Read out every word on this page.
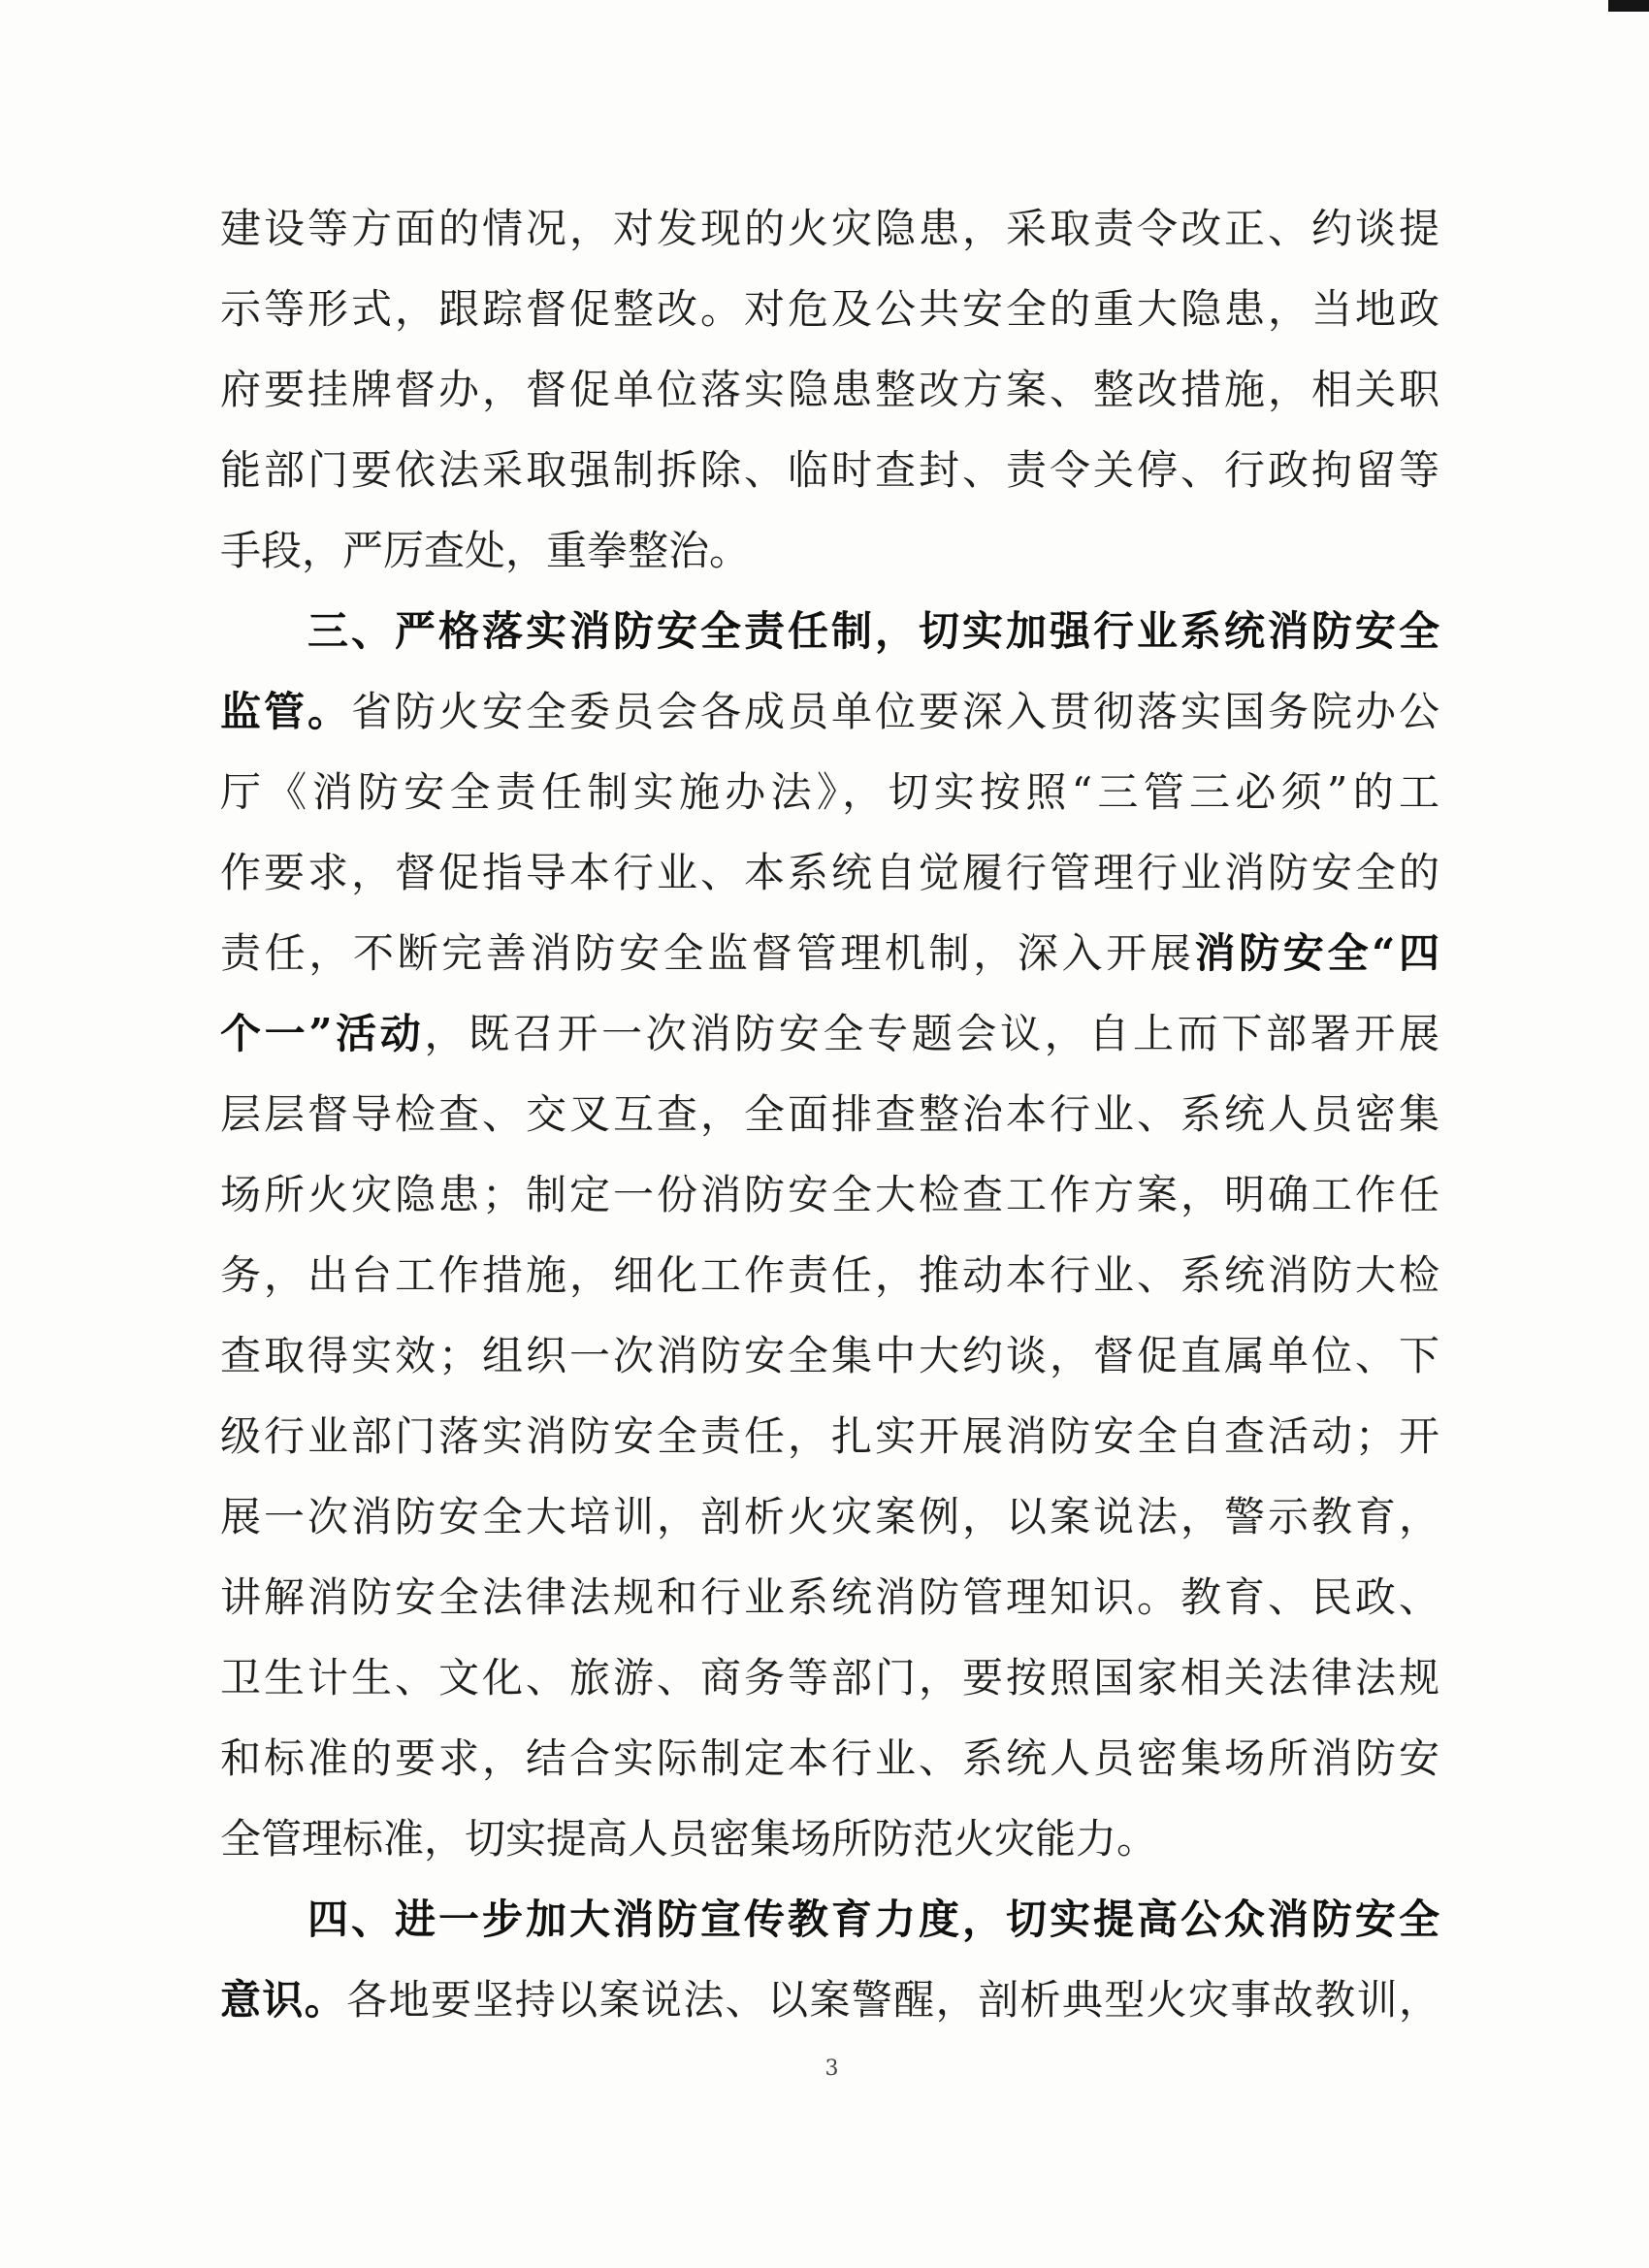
建设等方面的情况，对发现的火灾隐患，采取责令改正、约谈提
示等形式，跟踪督促整改。对危及公共安全的重大隐患，当地政
府要挂牌督办，督促单位落实隐患整改方案、整改措施，相关职
能部门要依法采取强制拆除、临时查封、责令关停、行政拘留等
手段，严厉查处，重拳整治。
三、严格落实消防安全责任制，切实加强行业系统消防安全
监管。省防火安全委员会各成员单位要深入贯彻落实国务院办公
厅《消防安全责任制实施办法》，切实按照“三管三必须”的工
作要求，督促指导本行业、本系统自觉履行管理行业消防安全的
责任，不断完善消防安全监督管理机制，深入开展消防安全“四
个一”活动，既召开一次消防安全专题会议，自上而下部署开展
层层督导检查、交叉互查，全面排查整治本行业、系统人员密集
场所火灾隐患；制定一份消防安全大检查工作方案，明确工作任
务，出台工作措施，细化工作责任，推动本行业、系统消防大检
查取得实效；组织一次消防安全集中大约谈，督促直属单位、下
级行业部门落实消防安全责任，扎实开展消防安全自查活动；开
展一次消防安全大培训，剖析火灾案例，以案说法，警示教育，
讲解消防安全法律法规和行业系统消防管理知识。教育、民政、
卫生计生、文化、旅游、商务等部门，要按照国家相关法律法规
和标准的要求，结合实际制定本行业、系统人员密集场所消防安
全管理标准，切实提高人员密集场所防范火灾能力。
四、进一步加大消防宣传教育力度，切实提高公众消防安全
意识。各地要坚持以案说法、以案警醒，剖析典型火灾事故教训，
3
